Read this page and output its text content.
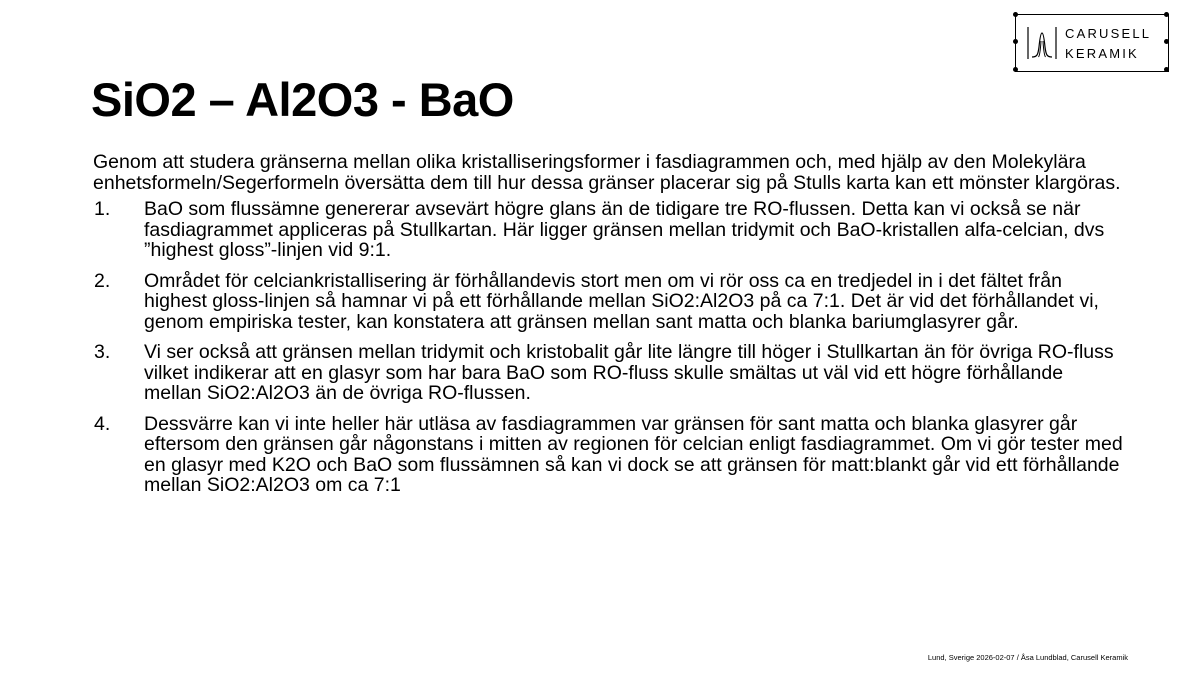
SiO2 – Al2O3 - BaO
CARUSELL
KERAMIK

Genom att studera gränserna mellan olika kristalliseringsformer i fasdiagrammen och, med hjälp av den Molekylära enhetsformeln/Segerformeln översätta dem till hur dessa gränser placerar sig på Stulls karta kan ett mönster klargöras.

1.	BaO som flussämne genererar avsevärt högre glans än de tidigare tre RO-flussen. Detta kan vi också se när fasdiagrammet appliceras på Stullkartan. Här ligger gränsen mellan tridymit och BaO-kristallen alfa-celcian, dvs ”highest gloss”-linjen vid 9:1.
2.	Området för celciankristallisering är förhållandevis stort men om vi rör oss ca en tredjedel in i det fältet från highest gloss-linjen så hamnar vi på ett förhållande mellan SiO2:Al2O3 på ca 7:1. Det är vid det förhållandet vi, genom empiriska tester, kan konstatera att gränsen mellan sant matta och blanka bariumglasyrer går.
3.	Vi ser också att gränsen mellan tridymit och kristobalit går lite längre till höger i Stullkartan än för övriga RO-fluss vilket indikerar att en glasyr som har bara BaO som RO-fluss skulle smältas ut väl vid ett högre förhållande mellan SiO2:Al2O3 än de övriga RO-flussen.
4.	Dessvärre kan vi inte heller här utläsa av fasdiagrammen var gränsen för sant matta och blanka glasyrer går eftersom den gränsen går någonstans i mitten av regionen för celcian enligt fasdiagrammet. Om vi gör tester med en glasyr med K2O och BaO som flussämnen så kan vi dock se att gränsen för matt:blankt går vid ett förhållande mellan SiO2:Al2O3 om ca 7:1
Lund, Sverige 2026-02-07 / Åsa Lundblad, Carusell Keramik
